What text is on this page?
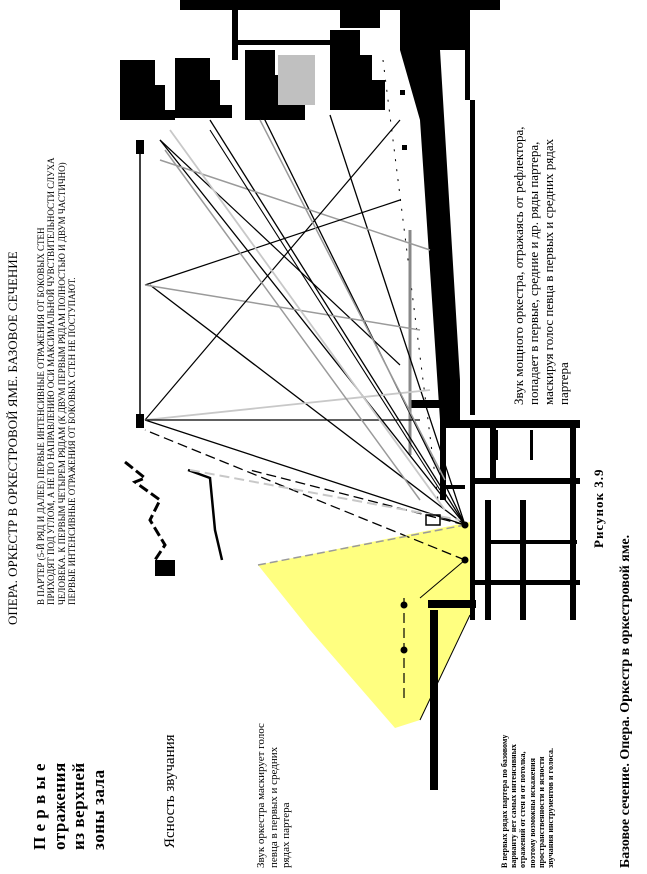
ОПЕРА. ОРКЕСТР В ОРКЕСТРОВОЙ ЯМЕ. БАЗОВОЕ СЕЧЕНИЕ В ПАРТЕР (5-Й РЯД И ДАЛЕЕ) ПЕРВЫЕ ИНТЕНСИВНЫЕ ОТРАЖЕНИЯ ОТ БОКОВЫХ СТЕН ПРИХОДЯТ ПОД УГЛОМ, А НЕ ПО НАПРАВЛЕНИЮ ОСИ МАКСИМАЛЬНОЙ ЧУВСТВИТЕЛЬНОСТИ СЛУХА ЧЕЛОВЕКА. К ПЕРВЫМ ЧЕТЫРЕМ РЯДАМ (К ДВУМ ПЕРВЫМ РЯДАМ ПОЛНОСТЬЮ И ДВУМ ЧАСТИЧНО) ПЕРВЫЕ ИНТЕНСИВНЫЕ ОТРАЖЕНИЯ ОТ БОКОВЫХ СТЕН НЕ ПОСТУПАЮТ.
П е р в ы е отражения из верхней зоны зала	Ясность звучания	Звук оркестра маскирует голос певца в первых и средних рядах партера	В первых рядах партера по базовому варианту нет самых интенсивных отражений от стен и от потолка, поэтому возможны искажения пространственности и ясности звучания инструментов и голоса.
Звук мощного оркестра, отражаясь от рефлектора, попадает в первые, средние и др. ряды партера, маскируя голос певца в первых и средних рядах партера
Рисунок 3.9
Базовое сечение. Опера. Оркестр в оркестровой яме.
